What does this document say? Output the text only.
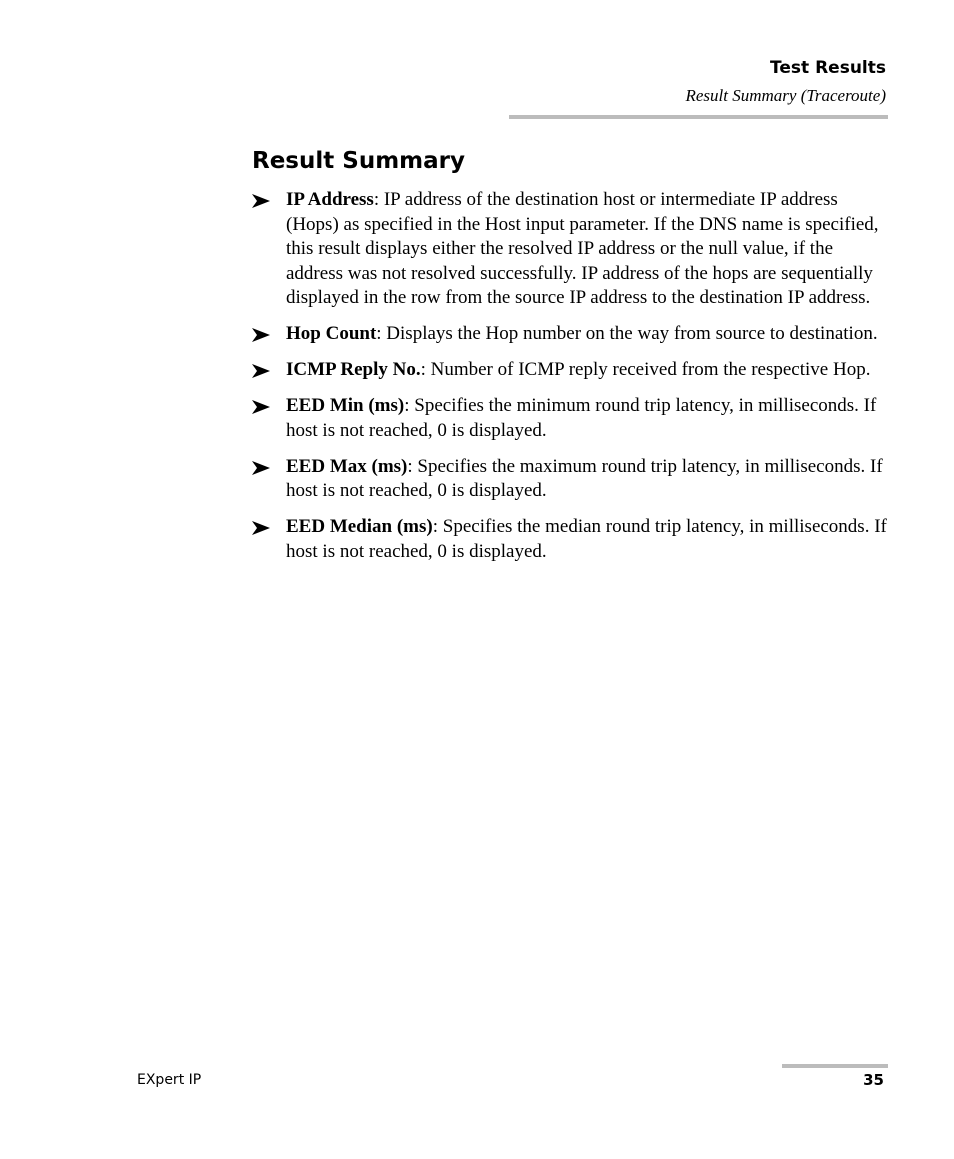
Test Results
Result Summary (Traceroute)
Result Summary
IP Address: IP address of the destination host or intermediate IP address (Hops) as specified in the Host input parameter. If the DNS name is specified, this result displays either the resolved IP address or the null value, if the address was not resolved successfully. IP address of the hops are sequentially displayed in the row from the source IP address to the destination IP address.
Hop Count: Displays the Hop number on the way from source to destination.
ICMP Reply No.: Number of ICMP reply received from the respective Hop.
EED Min (ms): Specifies the minimum round trip latency, in milliseconds. If host is not reached, 0 is displayed.
EED Max (ms): Specifies the maximum round trip latency, in milliseconds. If host is not reached, 0 is displayed.
EED Median (ms): Specifies the median round trip latency, in milliseconds. If host is not reached, 0 is displayed.
EXpert IP	35
